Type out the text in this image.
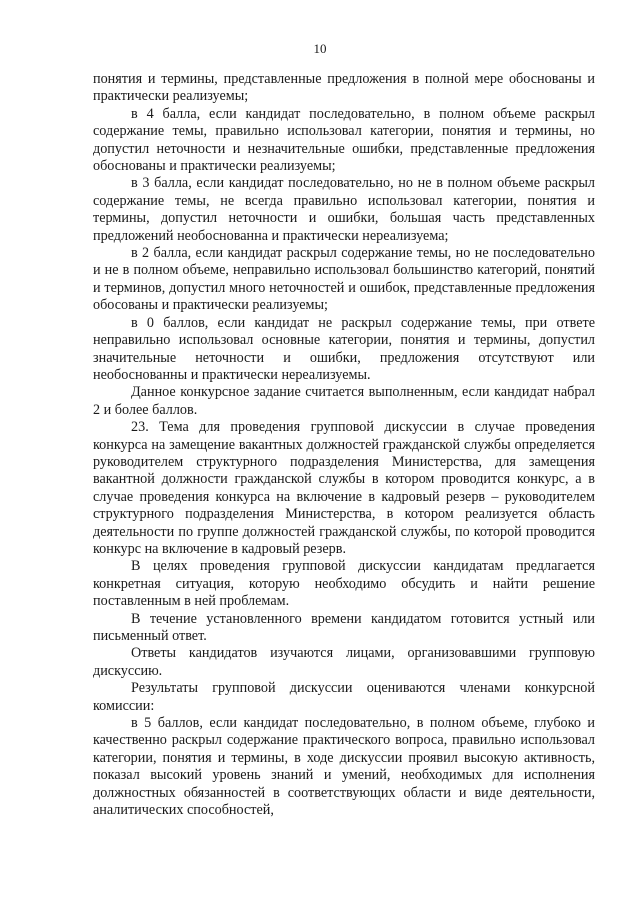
10

понятия и термины, представленные предложения в полной мере обоснованы и практически реализуемы;

в 4 балла, если кандидат последовательно, в полном объеме раскрыл содержание темы, правильно использовал категории, понятия и термины, но допустил неточности и незначительные ошибки, представленные предложения обоснованы и практически реализуемы;

в 3 балла, если кандидат последовательно, но не в полном объеме раскрыл содержание темы, не всегда правильно использовал категории, понятия и термины, допустил неточности и ошибки, большая часть представленных предложений необоснованна и практически нереализуема;

в 2 балла, если кандидат раскрыл содержание темы, но не последовательно и не в полном объеме, неправильно использовал большинство категорий, понятий и терминов, допустил много неточностей и ошибок, представленные предложения обосованы и практически реализуемы;

в 0 баллов, если кандидат не раскрыл содержание темы, при ответе неправильно использовал основные категории, понятия и термины, допустил значительные неточности и ошибки, предложения отсутствуют или необоснованны и практически нереализуемы.

Данное конкурсное задание считается выполненным, если кандидат набрал 2 и более баллов.

23. Тема для проведения групповой дискуссии в случае проведения конкурса на замещение вакантных должностей гражданской службы определяется руководителем структурного подразделения Министерства, для замещения вакантной должности гражданской службы в котором проводится конкурс, а в случае проведения конкурса на включение в кадровый резерв – руководителем структурного подразделения Министерства, в котором реализуется область деятельности по группе должностей гражданской службы, по которой проводится конкурс на включение в кадровый резерв.

В целях проведения групповой дискуссии кандидатам предлагается конкретная ситуация, которую необходимо обсудить и найти решение поставленным в ней проблемам.

В течение установленного времени кандидатом готовится устный или письменный ответ.

Ответы кандидатов изучаются лицами, организовавшими групповую дискуссию.

Результаты групповой дискуссии оцениваются членами конкурсной комиссии:

в 5 баллов, если кандидат последовательно, в полном объеме, глубоко и качественно раскрыл содержание практического вопроса, правильно использовал категории, понятия и термины, в ходе дискуссии проявил высокую активность, показал высокий уровень знаний и умений, необходимых для исполнения должностных обязанностей в соответствующих области и виде деятельности, аналитических способностей,
